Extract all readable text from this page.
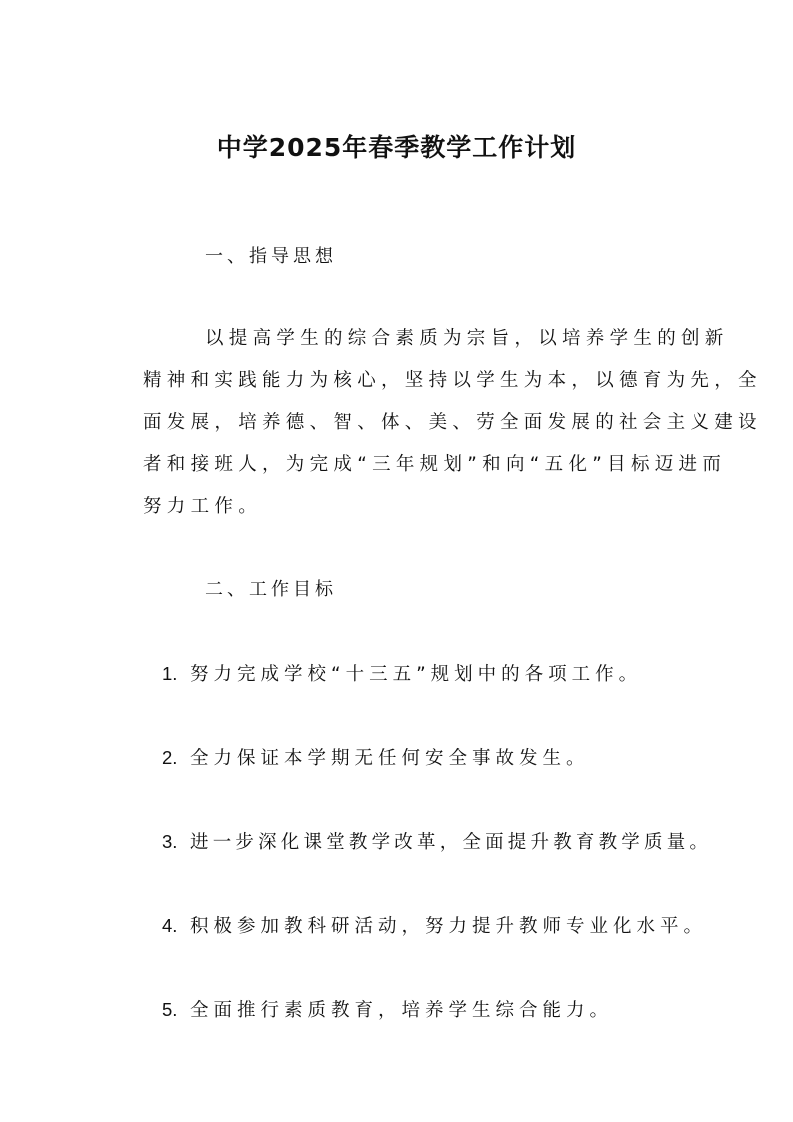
中学2025年春季教学工作计划
一、指导思想
以提高学生的综合素质为宗旨，以培养学生的创新
精神和实践能力为核心，坚持以学生为本，以德育为先，全
面发展，培养德、智、体、美、劳全面发展的社会主义建设
者和接班人，为完成“三年规划”和向“五化”目标迈进而
努力工作。
二、工作目标
1. 努力完成学校“十三五”规划中的各项工作。
2. 全力保证本学期无任何安全事故发生。
3. 进一步深化课堂教学改革，全面提升教育教学质量。
4. 积极参加教科研活动，努力提升教师专业化水平。
5. 全面推行素质教育，培养学生综合能力。
